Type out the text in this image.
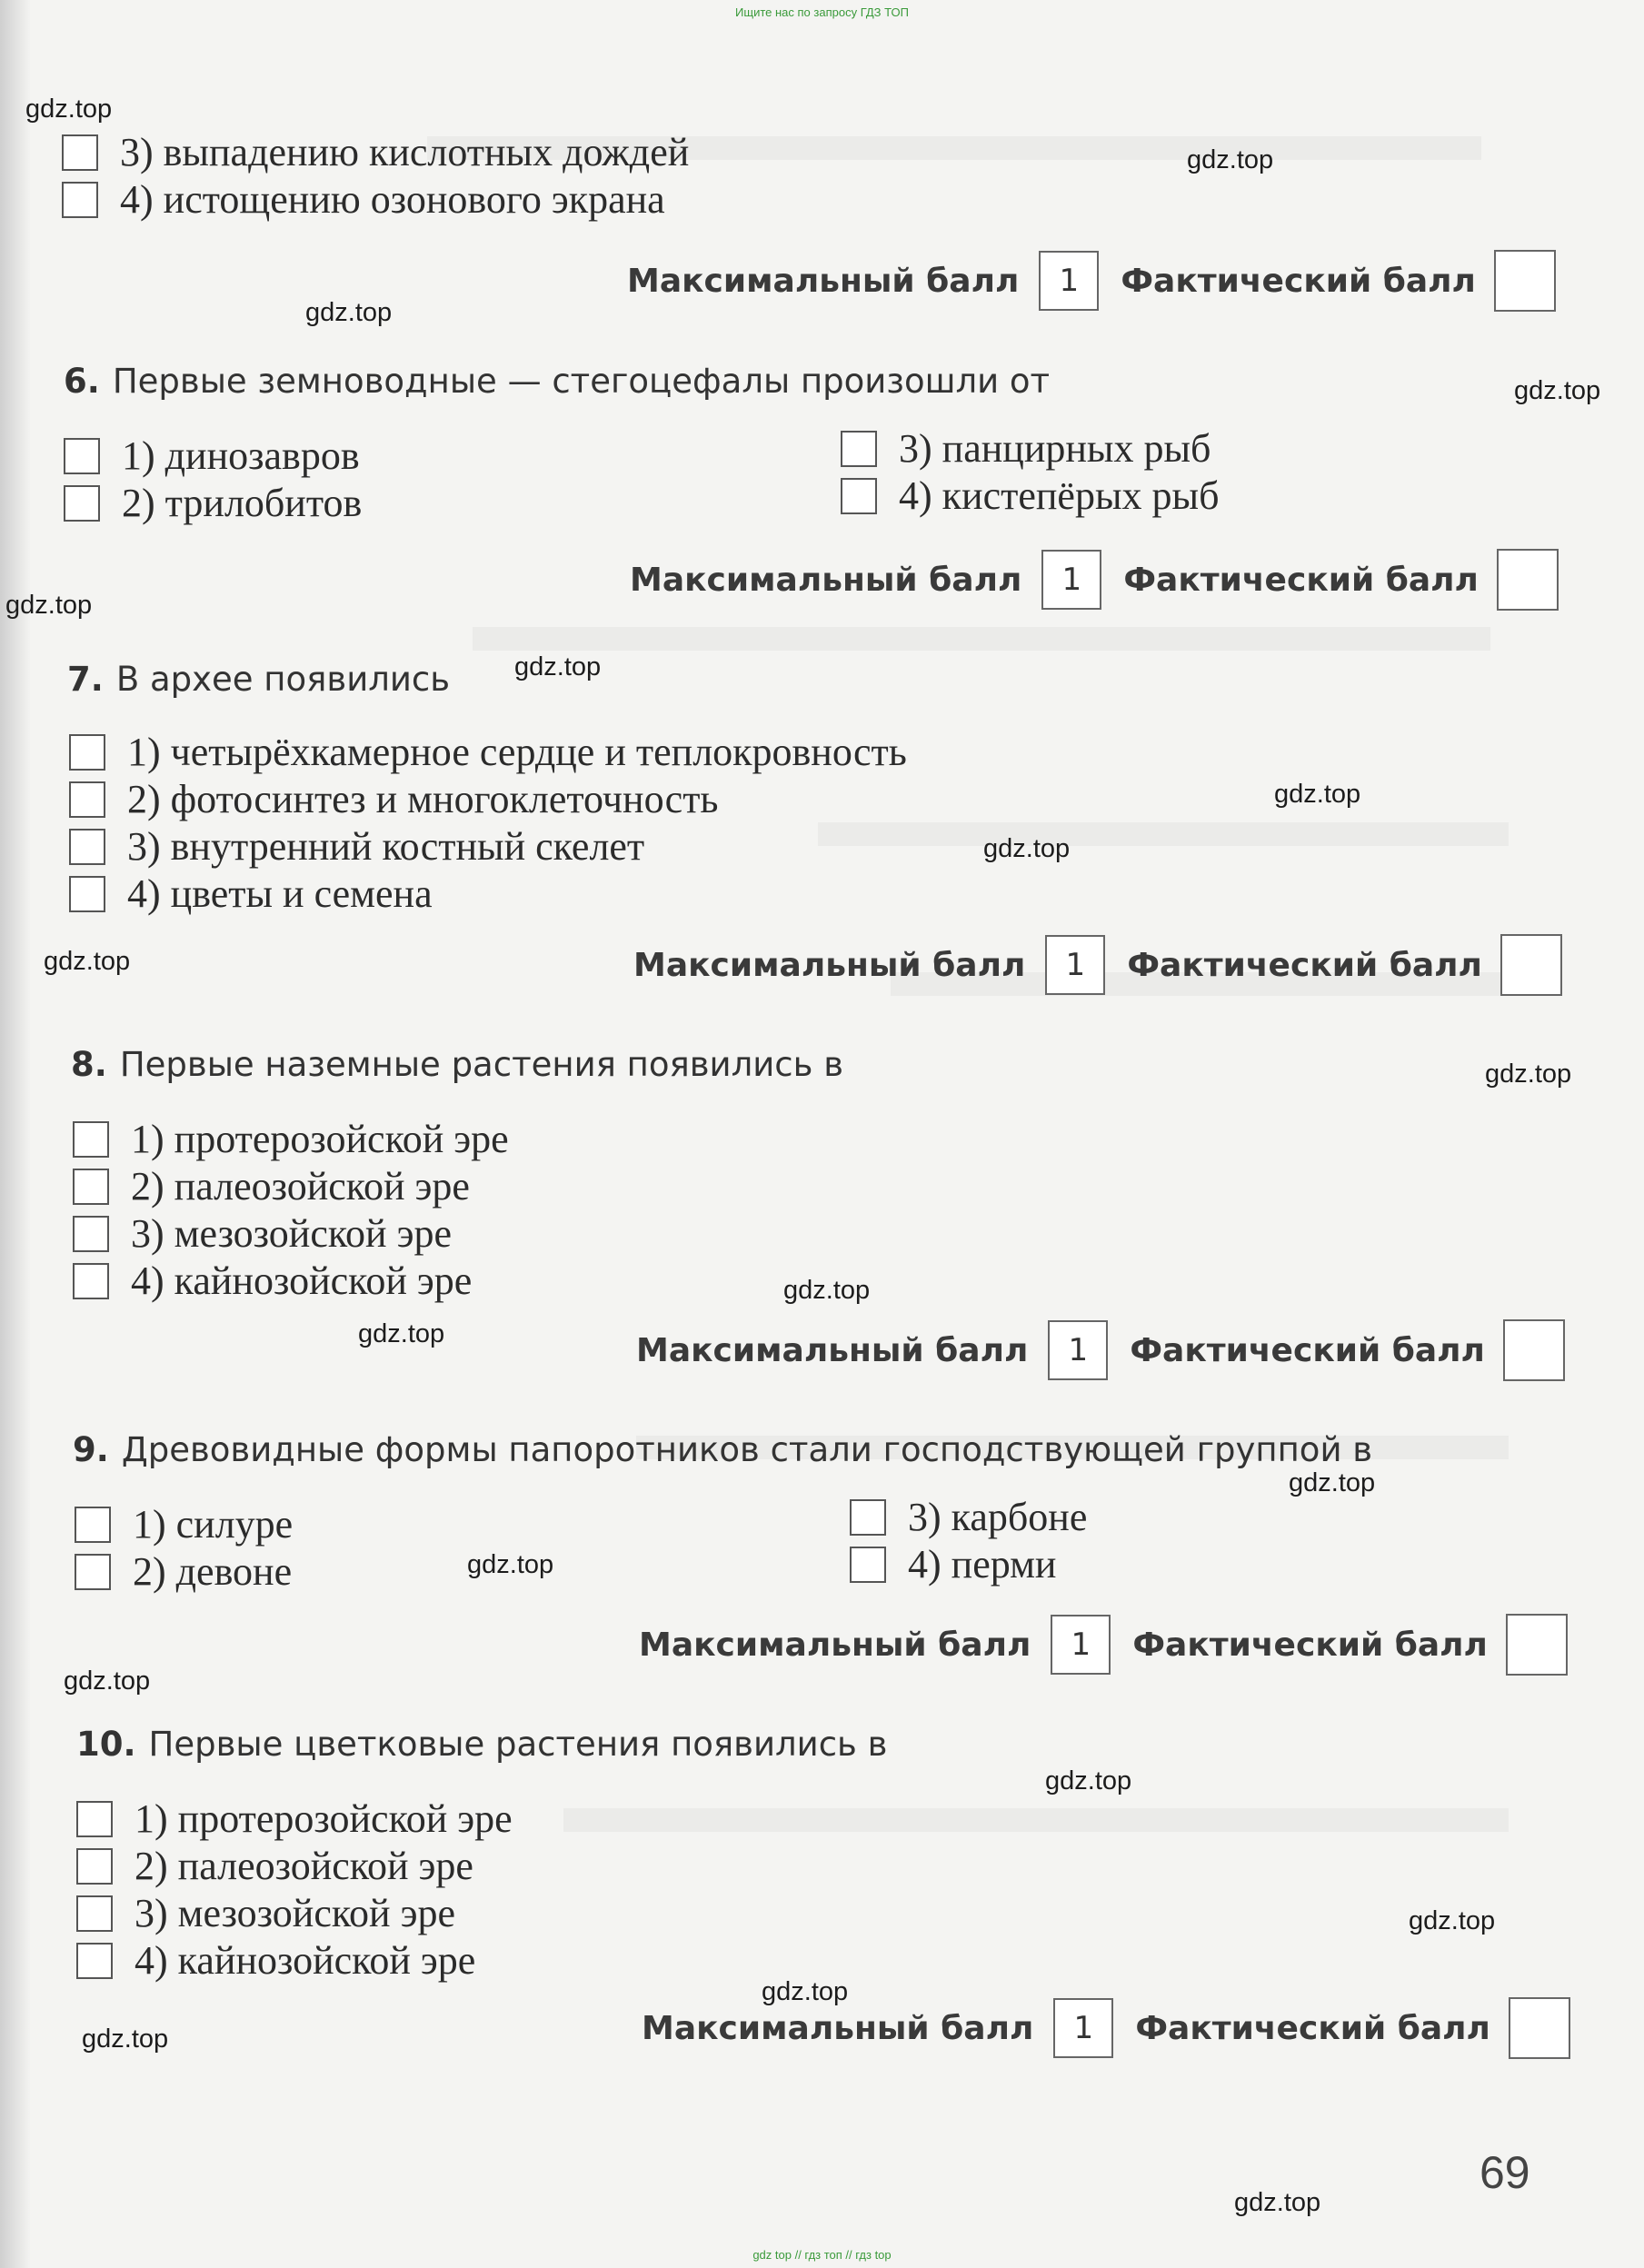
Ищите нас по запросу ГДЗ ТОП
3) выпадению кислотных дождей
4) истощению озонового экрана
Максимальный балл	1	Фактический балл
6. Первые земноводные — стегоцефалы произошли от
1) динозавров
2) трилобитов
3) панцирных рыб
4) кистепёрых рыб
Максимальный балл	1	Фактический балл
7. В архее появились
1) четырёхкамерное сердце и теплокровность
2) фотосинтез и многоклеточность
3) внутренний костный скелет
4) цветы и семена
Максимальный балл	1	Фактический балл
8. Первые наземные растения появились в
1) протерозойской эре
2) палеозойской эре
3) мезозойской эре
4) кайнозойской эре
Максимальный балл	1	Фактический балл
9. Древовидные формы папоротников стали господствующей группой в
1) силуре
2) девоне
3) карбоне
4) перми
Максимальный балл	1	Фактический балл
10. Первые цветковые растения появились в
1) протерозойской эре
2) палеозойской эре
3) мезозойской эре
4) кайнозойской эре
Максимальный балл	1	Фактический балл
69
gdz.top
gdz.top
gdz.top
gdz.top
gdz.top
gdz.top
gdz.top
gdz.top
gdz.top
gdz.top
gdz.top
gdz.top
gdz.top
gdz.top
gdz.top
gdz.top
gdz.top
gdz.top
gdz.top
gdz.top
gdz top // гдз топ // гдз top
